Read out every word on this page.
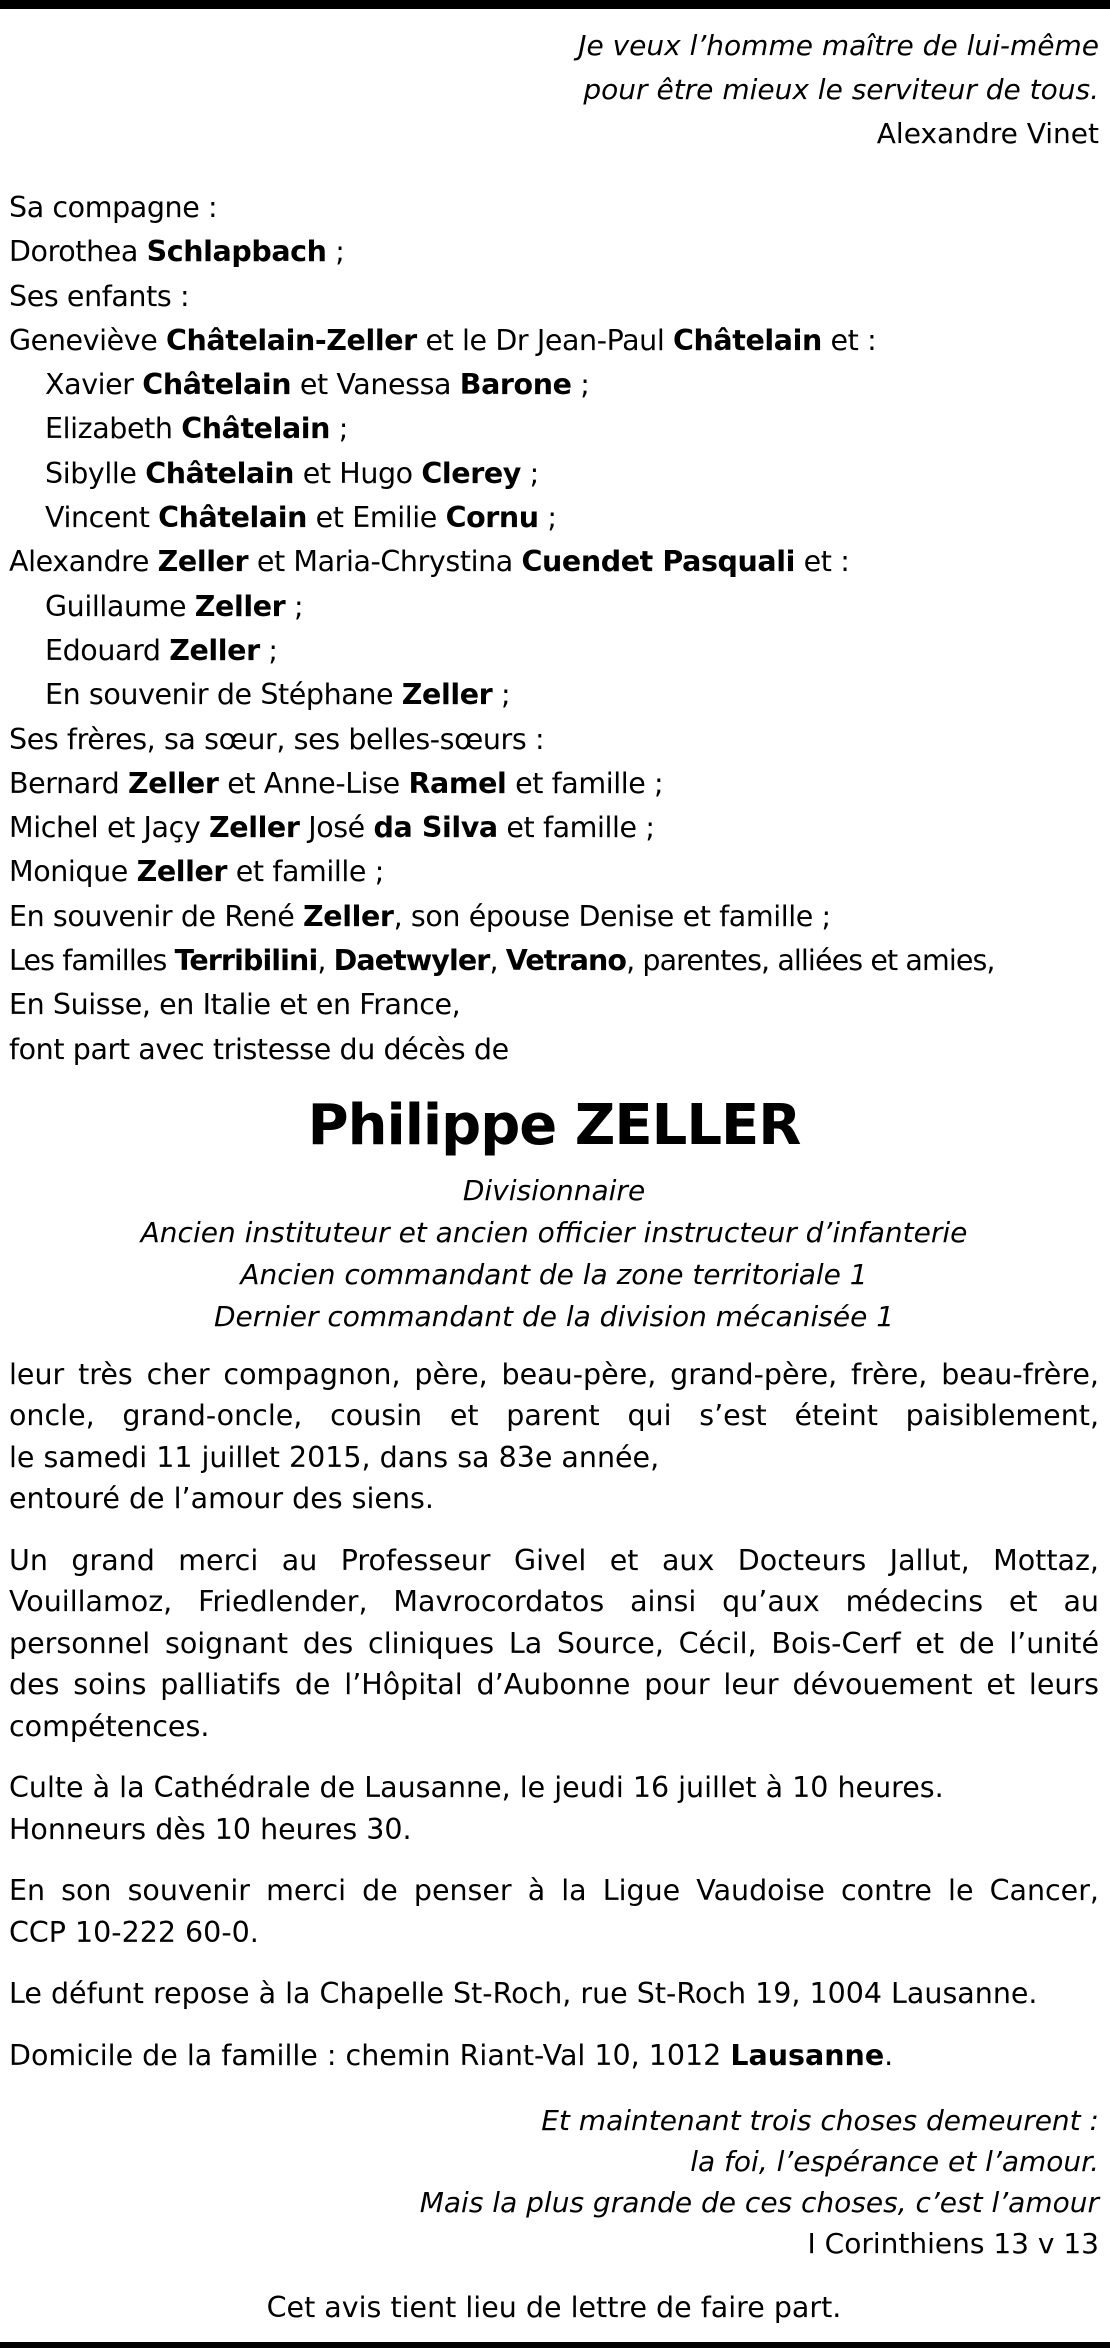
Je veux l’homme maître de lui-même
pour être mieux le serviteur de tous.
Alexandre Vinet
Sa compagne :
Dorothea Schlapbach ;
Ses enfants :
Geneviève Châtelain-Zeller et le Dr Jean-Paul Châtelain et :
Xavier Châtelain et Vanessa Barone ;
Elizabeth Châtelain ;
Sibylle Châtelain et Hugo Clerey ;
Vincent Châtelain et Emilie Cornu ;
Alexandre Zeller et Maria-Chrystina Cuendet Pasquali et :
Guillaume Zeller ;
Edouard Zeller ;
En souvenir de Stéphane Zeller ;
Ses frères, sa sœur, ses belles-sœurs :
Bernard Zeller et Anne-Lise Ramel et famille ;
Michel et Jaçy Zeller José da Silva et famille ;
Monique Zeller et famille ;
En souvenir de René Zeller, son épouse Denise et famille ;
Les familles Terribilini, Daetwyler, Vetrano, parentes, alliées et amies,
En Suisse, en Italie et en France,
font part avec tristesse du décès de
Philippe ZELLER
Divisionnaire
Ancien instituteur et ancien officier instructeur d’infanterie
Ancien commandant de la zone territoriale 1
Dernier commandant de la division mécanisée 1
leur très cher compagnon, père, beau-père, grand-père, frère, beau-frère,
oncle, grand-oncle, cousin et parent qui s’est éteint paisiblement,
le samedi 11 juillet 2015, dans sa 83e année,
entouré de l’amour des siens.
Un grand merci au Professeur Givel et aux Docteurs Jallut, Mottaz,
Vouillamoz, Friedlender, Mavrocordatos ainsi qu’aux médecins et au
personnel soignant des cliniques La Source, Cécil, Bois-Cerf et de l’unité
des soins palliatifs de l’Hôpital d’Aubonne pour leur dévouement et leurs
compétences.
Culte à la Cathédrale de Lausanne, le jeudi 16 juillet à 10 heures.
Honneurs dès 10 heures 30.
En son souvenir merci de penser à la Ligue Vaudoise contre le Cancer,
CCP 10-222 60-0.
Le défunt repose à la Chapelle St-Roch, rue St-Roch 19, 1004 Lausanne.
Domicile de la famille : chemin Riant-Val 10, 1012 Lausanne.
Et maintenant trois choses demeurent :
la foi, l’espérance et l’amour.
Mais la plus grande de ces choses, c’est l’amour
I Corinthiens 13 v 13
Cet avis tient lieu de lettre de faire part.
